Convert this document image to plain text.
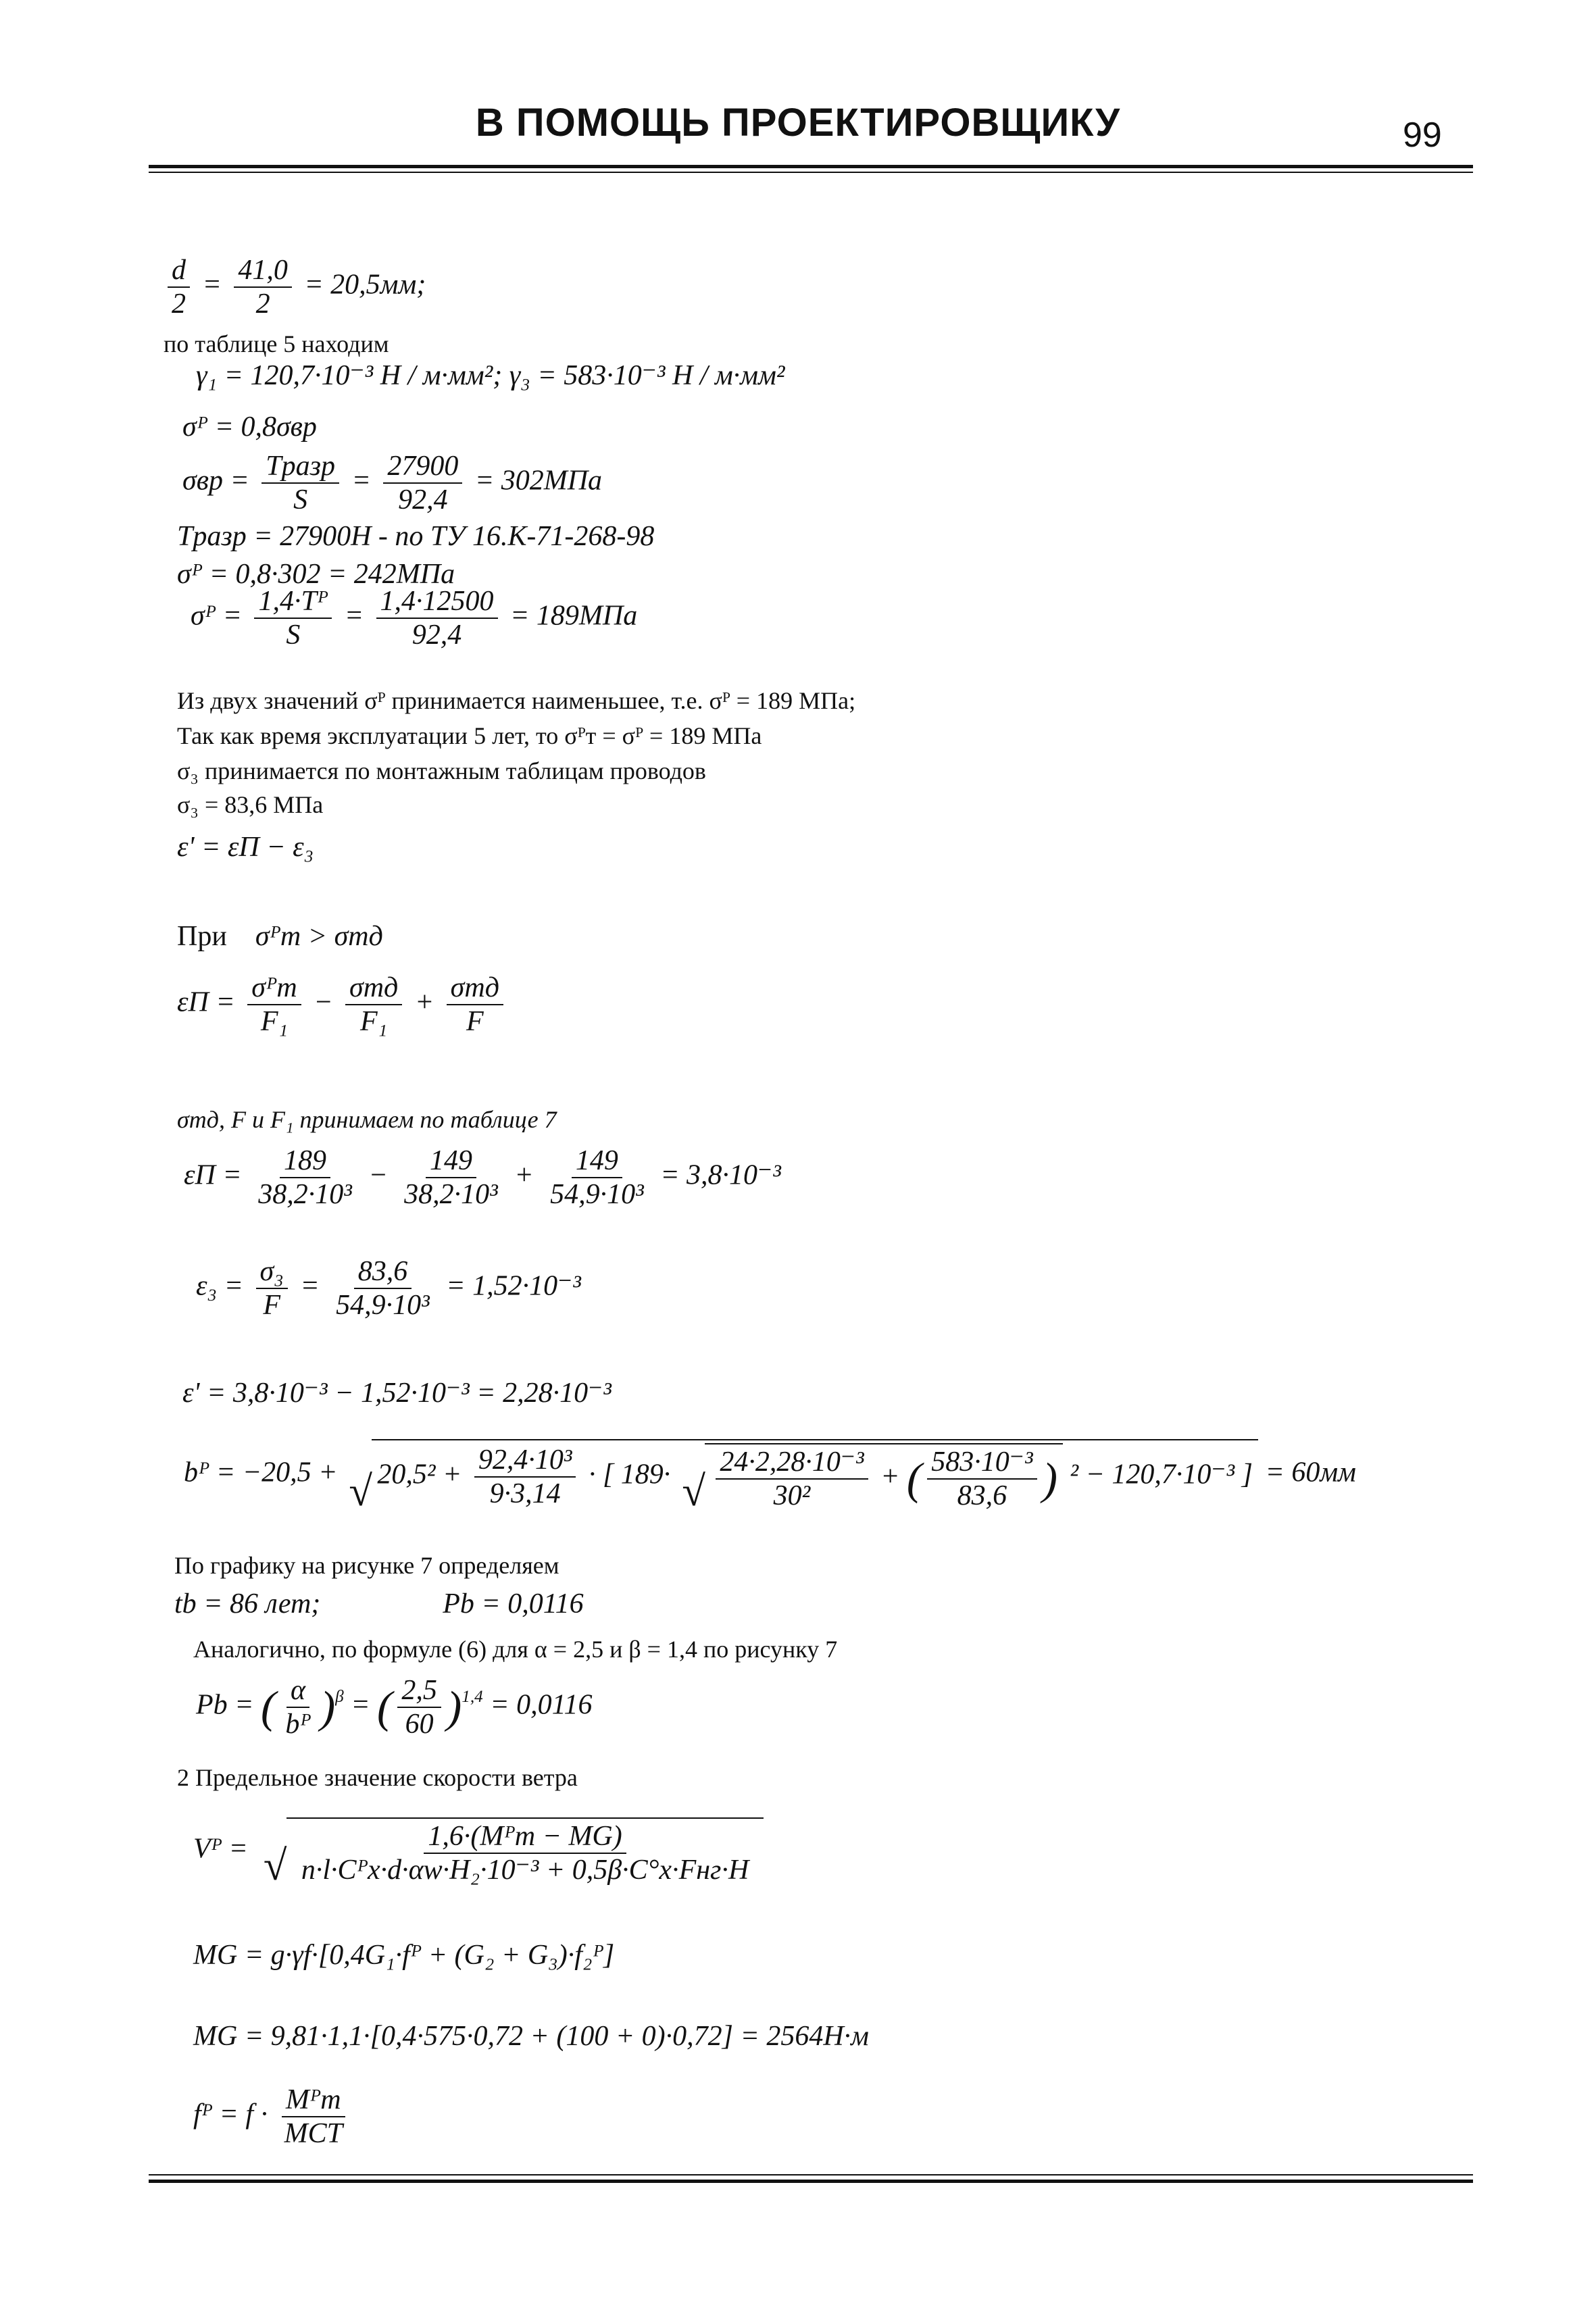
В ПОМОЩЬ ПРОЕКТИРОВЩИКУ	99
$\frac{d}{2} = \frac{41,0}{2} = 20,5мм$;
по таблице 5 находим
γ₁ = 120,7·10⁻³ Н / м·мм²; γ₃ = 583·10⁻³ Н / м·мм²
σᴾ = 0,8σвр
$\sigma вр = \frac{\text{Tразр}}{S} = \frac{27900}{92,4} = 302МПа$
Tразр = 27900Н - по ТУ 16.К-71-268-98
σᴾ = 0,8·302 = 242МПа
σᴾ = $\frac{\text{1,4·Tᴾ}}{S} = \frac{1,4\cdot 12500}{92,4} = 189МПа$
Из двух значений σᴾ принимается наименьшее, т.е. σᴾ = 189 МПа;
Так как время эксплуатации 5 лет, то σᴾт = σᴾ = 189 МПа
σ₃ принимается по монтажным таблицам проводов
σ₃ = 83,6 МПа
ε' = εП − ε₃
При σᴾт > σтд
$\varepsilon П = \frac{\text{σᴾт}}{\text{F₁}} - \frac{\text{σтд}}{\text{F₁}} + \frac{\text{σтд}}{F}$
σтд, F и F₁ принимаем по таблице 7
$\varepsilon П = \frac{189}{\text{38,2·10³}} - \frac{149}{\text{38,2·10³}} + \frac{149}{\text{54,9·10³}} = 3,8\cdot 10^{-3}$
$\varepsilon_3 = \frac{\text{σ₃}}{F} = \frac{83,6}{\text{54,9·10³}} = 1,52\cdot 10^{-3}$
ε' = 3,8·10⁻³ − 1,52·10⁻³ = 2,28·10⁻³
bᴾ = −20,5 + √ $20,5^2 + \frac{\text{92,4·10³}}{9\cdot 3,14}$ · [ 189· √ $\frac{\text{24·2,28·10⁻³}}{\text{30²}}$ + ( $\frac{\text{583·10⁻³}}{83,6}$ ) ² − 120,7·10⁻³ ] = 60мм
По графику на рисунке 7 определяем
tb = 86 лет;	Pb = 0,0116
Аналогично, по формуле (6) для α = 2,5 и β = 1,4 по рисунку 7
Pb = ( $\frac{\alpha}{\text{bᴾ}} )^\beta$ = ( $\frac{2,5}{60} )^{1,4} = 0,0116$
2 Предельное значение скорости ветра
Vᴾ = √ $\frac{\text{1,6·(Mᴾт − MG)}}{\text{n·l·Cᴾx·d·αw·H₂·10⁻³ + 0,5β·C°x·Fнг·H}}$
MG = g·γf·[0,4G₁·fᴾ + (G₂ + G₃)·f₂ᴾ]
MG = 9,81·1,1·[0,4·575·0,72 + (100 + 0)·0,72] = 2564Н·м
fᴾ = $f \cdot \frac{\text{Mᴾт}}{\text{MCT}}$
